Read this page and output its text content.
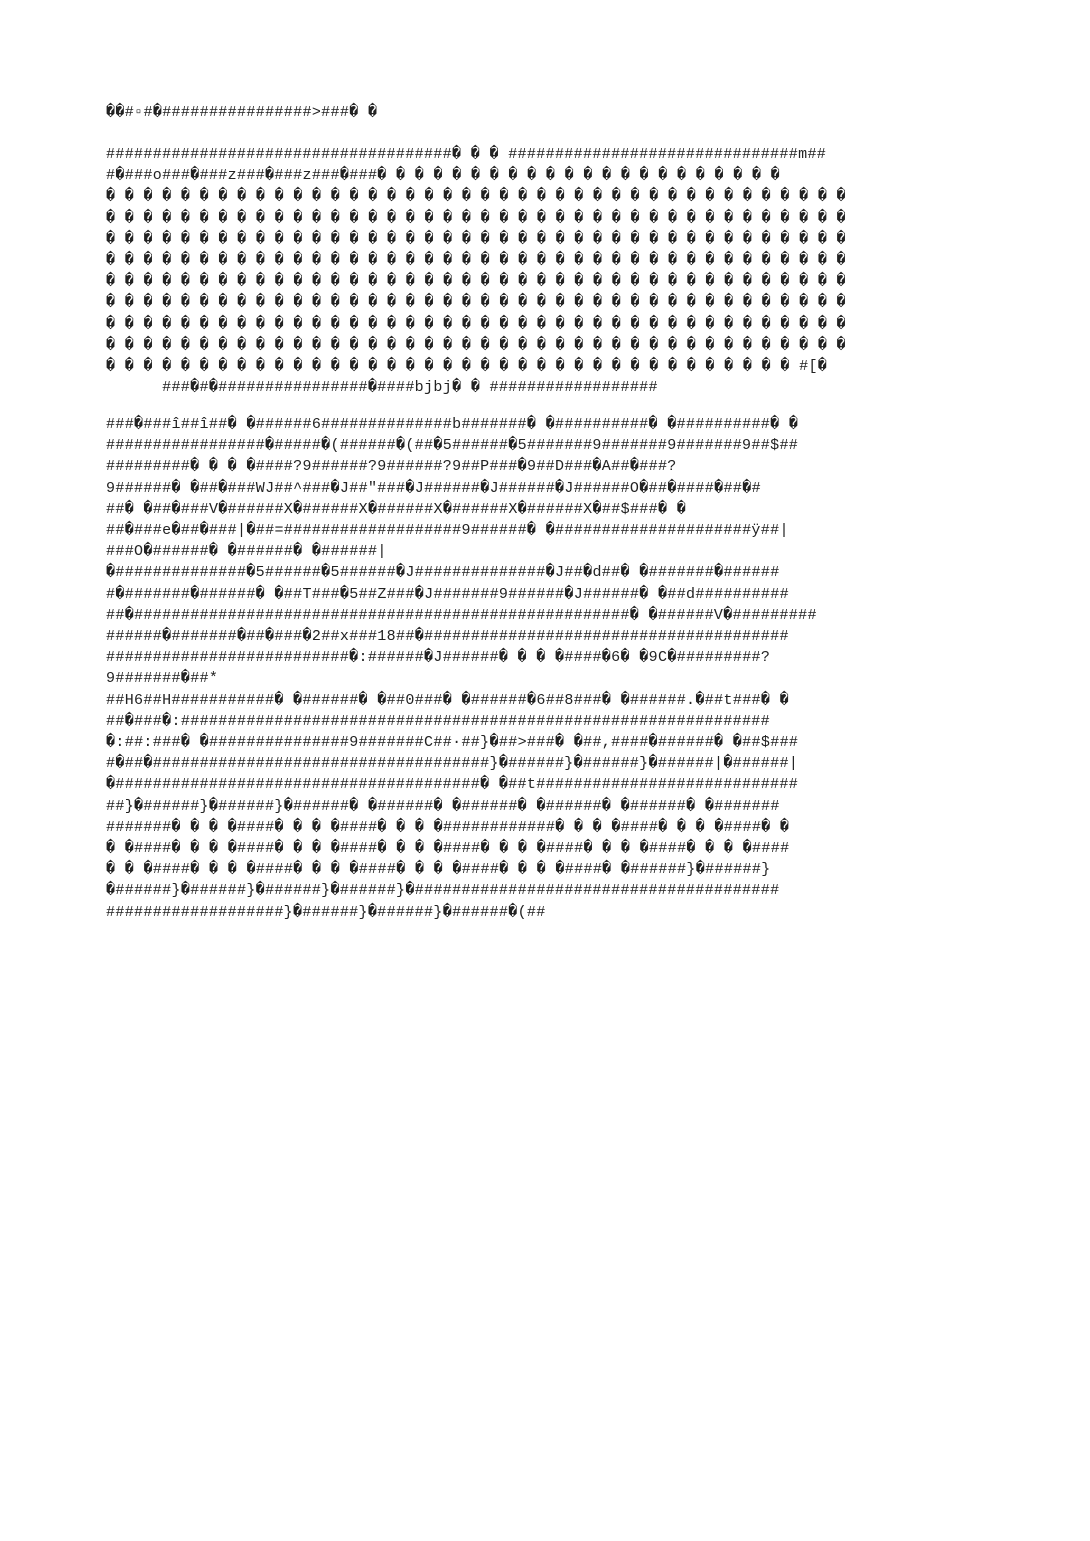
��#▫#�################>###� �
#####################################� � � ###############################m##
#�###o###�###z###�###z###�###� � � � � � � � � � � � � � � � � � � � � �
� � � � � � � � � � � � � � � � � � � � � � � � � � � � � � � � � � � � � � � �
� � � � � � � � � � � � � � � � � � � � � � � � � � � � � � � � � � � � � � � �
� � � � � � � � � � � � � � � � � � � � � � � � � � � � � � � � � � � � � � � �
� � � � � � � � � � � � � � � � � � � � � � � � � � � � � � � � � � � � � � � �
� � � � � � � � � � � � � � � � � � � � � � � � � � � � � � � � � � � � � � � �
� � � � � � � � � � � � � � � � � � � � � � � � � � � � � � � � � � � � � � � �
� � � � � � � � � � � � � � � � � � � � � � � � � � � � � � � � � � � � � � � �
� � � � � � � � � � � � � � � � � � � � � � � � � � � � � � � � � � � � � � � �
� � � � � � � � � � � � � � � � � � � � � � � � � � � � � � � � � � � � � #[�
###�#�################�####bjbj� � ##################
###�###î##î##� �######6##############b#######� �##########� �##########� �
#################�#####�(######�(##�5######�5#######9#######9#######9##$##
#########� � � �####?9######?9######?9##P###�9##D###�A##�###?
9######� �##�###WJ##^###�J##"###�J######�J######�J######O�##�####�##�#
##� �##�###V�######X�######X�######X�######X�######X�##$###� �
##�###e�##�###|�##=###################9######� �#####################ÿ##|
###O�######� �######� �######|
�##############�5######�5######�J##############�J##�d##� �#######�######
#�#######�######� �##T###�5##Z###�J#######9######�J######� �##d##########
##�#####################################################� �######V�#########
######�#######�##�###�2##x###18##�#######################################
##########################�:######�J######� � � �####�6� �9C�#########?
9#######�##*
##H6##H###########� �######� �##0###� �######�6##8###� �######.�##t###� �
##�###�:###############################################################
�:##:###� �###############9#######C##·##}�##>###� �##,####�######� �##$###
#�##�####################################}�######}�######}�######|�######|
�#######################################� �##t############################
##}�######}�######}�######� �######� �######� �######� �######� �#######
#######� � � �####� � � �####� � � �############� � � �####� � � �####� �
� �####� � � �####� � � �####� � � �####� � � �####� � � �####� � � �####
� � �####� � � �####� � � �####� � � �####� � � �####� �######}�######}
�######}�######}�######}�######}�#######################################
###################}�######}�######}�######�(##
